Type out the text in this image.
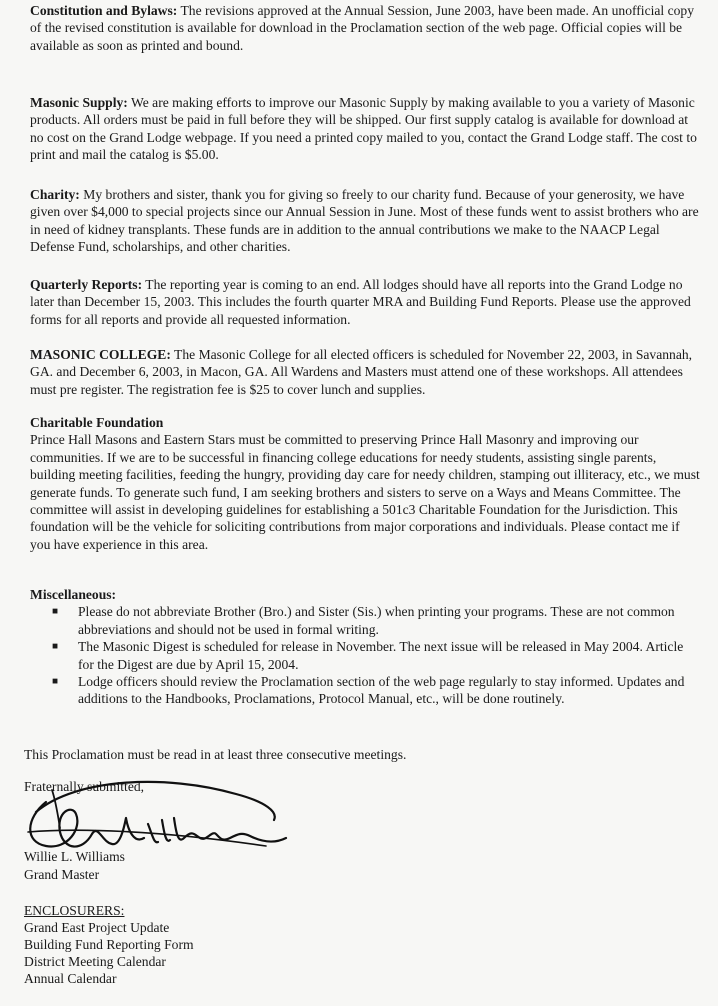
Constitution and Bylaws: The revisions approved at the Annual Session, June 2003, have been made. An unofficial copy of the revised constitution is available for download in the Proclamation section of the web page. Official copies will be available as soon as printed and bound.

Masonic Supply: We are making efforts to improve our Masonic Supply by making available to you a variety of Masonic products. All orders must be paid in full before they will be shipped. Our first supply catalog is available for download at no cost on the Grand Lodge webpage. If you need a printed copy mailed to you, contact the Grand Lodge staff. The cost to print and mail the catalog is $5.00.

Charity: My brothers and sister, thank you for giving so freely to our charity fund. Because of your generosity, we have given over $4,000 to special projects since our Annual Session in June. Most of these funds went to assist brothers who are in need of kidney transplants. These funds are in addition to the annual contributions we make to the NAACP Legal Defense Fund, scholarships, and other charities.

Quarterly Reports: The reporting year is coming to an end. All lodges should have all reports into the Grand Lodge no later than December 15, 2003. This includes the fourth quarter MRA and Building Fund Reports. Please use the approved forms for all reports and provide all requested information.

MASONIC COLLEGE: The Masonic College for all elected officers is scheduled for November 22, 2003, in Savannah, GA. and December 6, 2003, in Macon, GA. All Wardens and Masters must attend one of these workshops. All attendees must pre register. The registration fee is $25 to cover lunch and supplies.

Charitable Foundation
Prince Hall Masons and Eastern Stars must be committed to preserving Prince Hall Masonry and improving our communities. If we are to be successful in financing college educations for needy students, assisting single parents, building meeting facilities, feeding the hungry, providing day care for needy children, stamping out illiteracy, etc., we must generate funds. To generate such fund, I am seeking brothers and sisters to serve on a Ways and Means Committee. The committee will assist in developing guidelines for establishing a 501c3 Charitable Foundation for the Jurisdiction. This foundation will be the vehicle for soliciting contributions from major corporations and individuals. Please contact me if you have experience in this area.
Miscellaneous:
■ Please do not abbreviate Brother (Bro.) and Sister (Sis.) when printing your programs. These are not common abbreviations and should not be used in formal writing.
■ The Masonic Digest is scheduled for release in November. The next issue will be released in May 2004. Article for the Digest are due by April 15, 2004.
■ Lodge officers should review the Proclamation section of the web page regularly to stay informed. Updates and additions to the Handbooks, Proclamations, Protocol Manual, etc., will be done routinely.
This Proclamation must be read in at least three consecutive meetings.
Fraternally submitted,
Willie L. Williams
Grand Master
ENCLOSURERS:
Grand East Project Update
Building Fund Reporting Form
District Meeting Calendar
Annual Calendar
